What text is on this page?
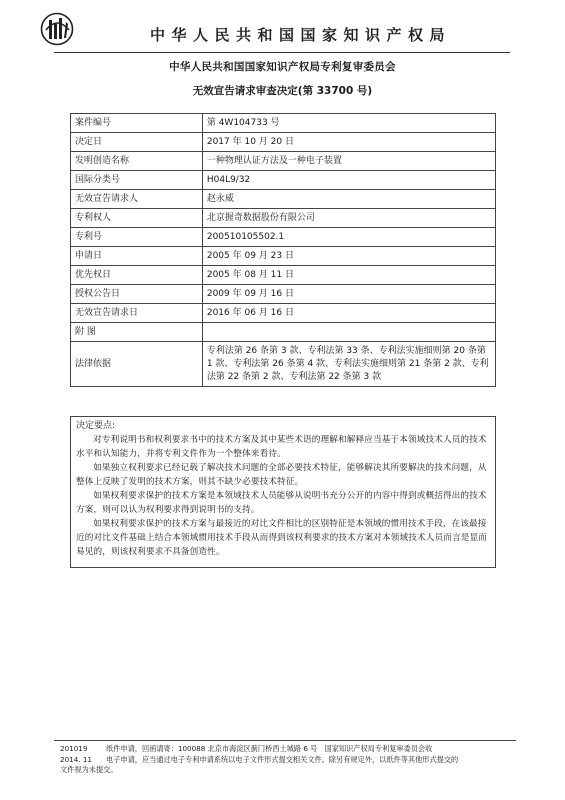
中华人民共和国国家知识产权局
中华人民共和国国家知识产权局专利复审委员会
无效宣告请求审查决定(第 33700 号)
案件编号	第 4W104733 号
决定日	2017 年 10 月 20 日
发明创造名称	一种物理认证方法及一种电子装置
国际分类号	H04L9/32
无效宣告请求人	赵永威
专利权人	北京握奇数据股份有限公司
专利号	200510105502.1
申请日	2005 年 09 月 23 日
优先权日	2005 年 08 月 11 日
授权公告日	2009 年 09 月 16 日
无效宣告请求日	2016 年 06 月 16 日
附 图	
法律依据	专利法第 26 条第 3 款、专利法第 33 条、专利法实施细则第 20 条第 1 款、专利法第 26 条第 4 款、专利法实施细则第 21 条第 2 款、专利法第 22 条第 2 款、专利法第 22 条第 3 款
决定要点:

对专利说明书和权利要求书中的技术方案及其中某些术语的理解和解释应当基于本领域技术人员的技术水平和认知能力，并将专利文件作为一个整体来看待。

如果独立权利要求已经记载了解决技术问题的全部必要技术特征，能够解决其所要解决的技术问题，从整体上反映了发明的技术方案，则其不缺少必要技术特征。

如果权利要求保护的技术方案是本领域技术人员能够从说明书充分公开的内容中得到或概括得出的技术方案，则可以认为权利要求得到说明书的支持。

如果权利要求保护的技术方案与最接近的对比文件相比的区别特征是本领域的惯用技术手段，在该最接近的对比文件基础上结合本领域惯用技术手段从而得到该权利要求的技术方案对本领域技术人员而言是显而易见的，则该权利要求不具备创造性。

201019	纸件申请，回函请寄：100088 北京市海淀区蓟门桥西土城路 6 号　国家知识产权局专利复审委员会收
2014. 11	电子申请，应当通过电子专利申请系统以电子文件形式提交相关文件。除另有规定外，以纸件等其他形式提交的
文件视为未提交。
